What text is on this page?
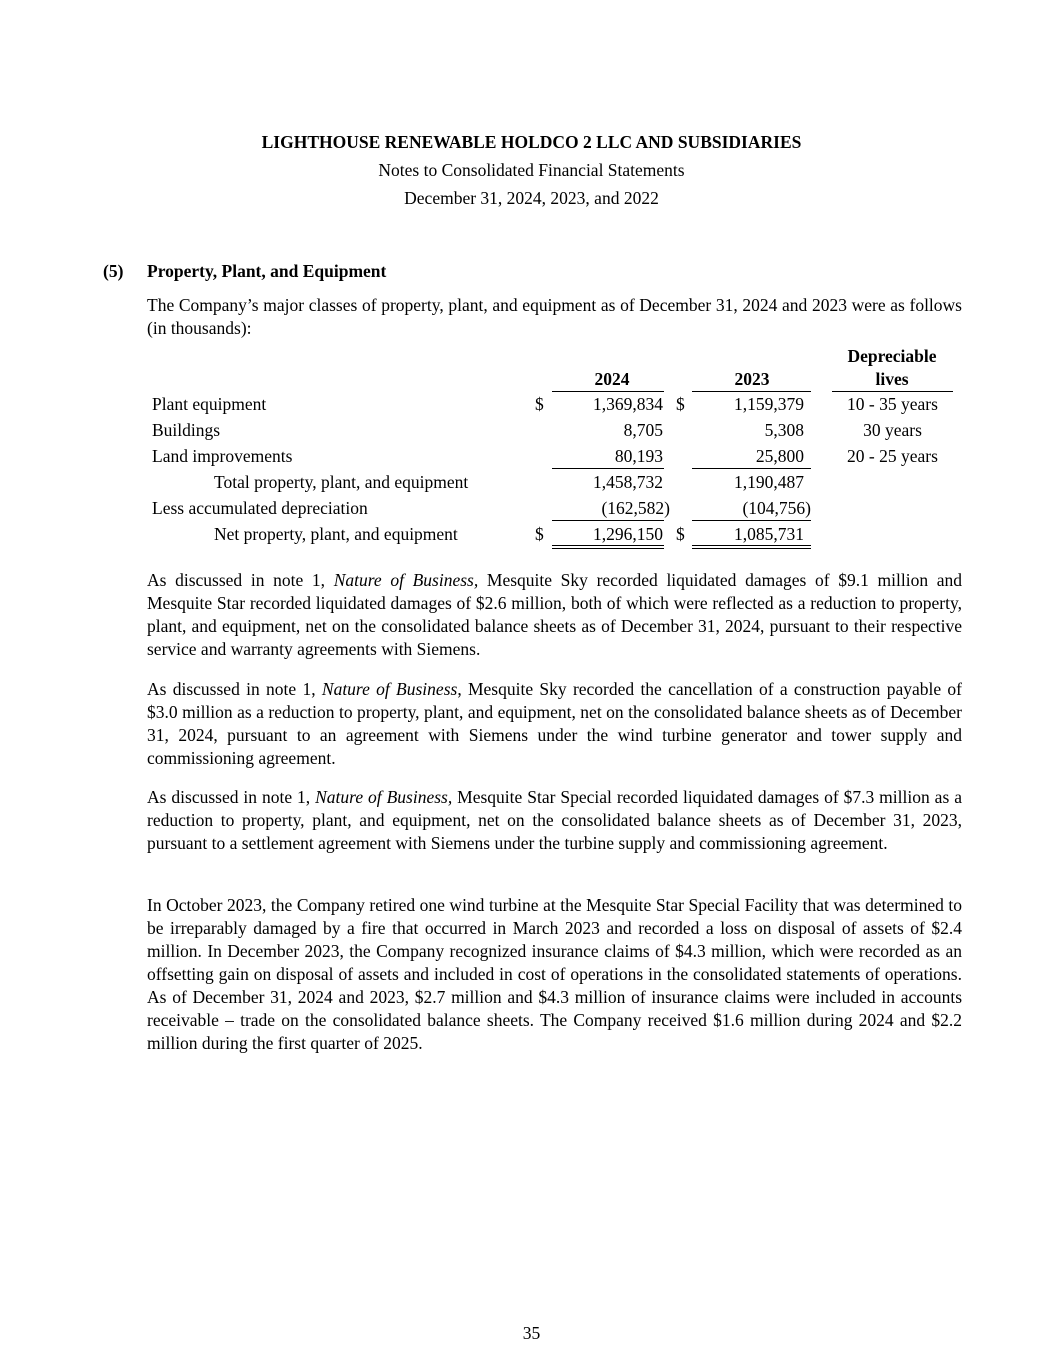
LIGHTHOUSE RENEWABLE HOLDCO 2 LLC AND SUBSIDIARIES
Notes to Consolidated Financial Statements
December 31, 2024, 2023, and 2022
(5) Property, Plant, and Equipment
The Company’s major classes of property, plant, and equipment as of December 31, 2024 and 2023 were as follows (in thousands):
2024	2023
Depreciable
lives
Plant equipment	$	1,369,834 $	1,159,379	10 - 35 years
Buildings	8,705	5,308	30 years
Land improvements	80,193	25,800	20 - 25 years
Total property, plant, and equipment	1,458,732	1,190,487
Less accumulated depreciation	(162,582)	(104,756)
Net property, plant, and equipment	$	1,296,150 $	1,085,731
As discussed in note 1, Nature of Business, Mesquite Sky recorded liquidated damages of $9.1 million and Mesquite Star recorded liquidated damages of $2.6 million, both of which were reflected as a reduction to property, plant, and equipment, net on the consolidated balance sheets as of December 31, 2024, pursuant to their respective service and warranty agreements with Siemens.
As discussed in note 1, Nature of Business, Mesquite Sky recorded the cancellation of a construction payable of $3.0 million as a reduction to property, plant, and equipment, net on the consolidated balance sheets as of December 31, 2024, pursuant to an agreement with Siemens under the wind turbine generator and tower supply and commissioning agreement.
As discussed in note 1, Nature of Business, Mesquite Star Special recorded liquidated damages of $7.3 million as a reduction to property, plant, and equipment, net on the consolidated balance sheets as of December 31, 2023, pursuant to a settlement agreement with Siemens under the turbine supply and commissioning agreement.
In October 2023, the Company retired one wind turbine at the Mesquite Star Special Facility that was determined to be irreparably damaged by a fire that occurred in March 2023 and recorded a loss on disposal of assets of $2.4 million. In December 2023, the Company recognized insurance claims of $4.3 million, which were recorded as an offsetting gain on disposal of assets and included in cost of operations in the consolidated statements of operations. As of December 31, 2024 and 2023, $2.7 million and $4.3 million of insurance claims were included in accounts receivable – trade on the consolidated balance sheets. The Company received $1.6 million during 2024 and $2.2 million during the first quarter of 2025.
35
